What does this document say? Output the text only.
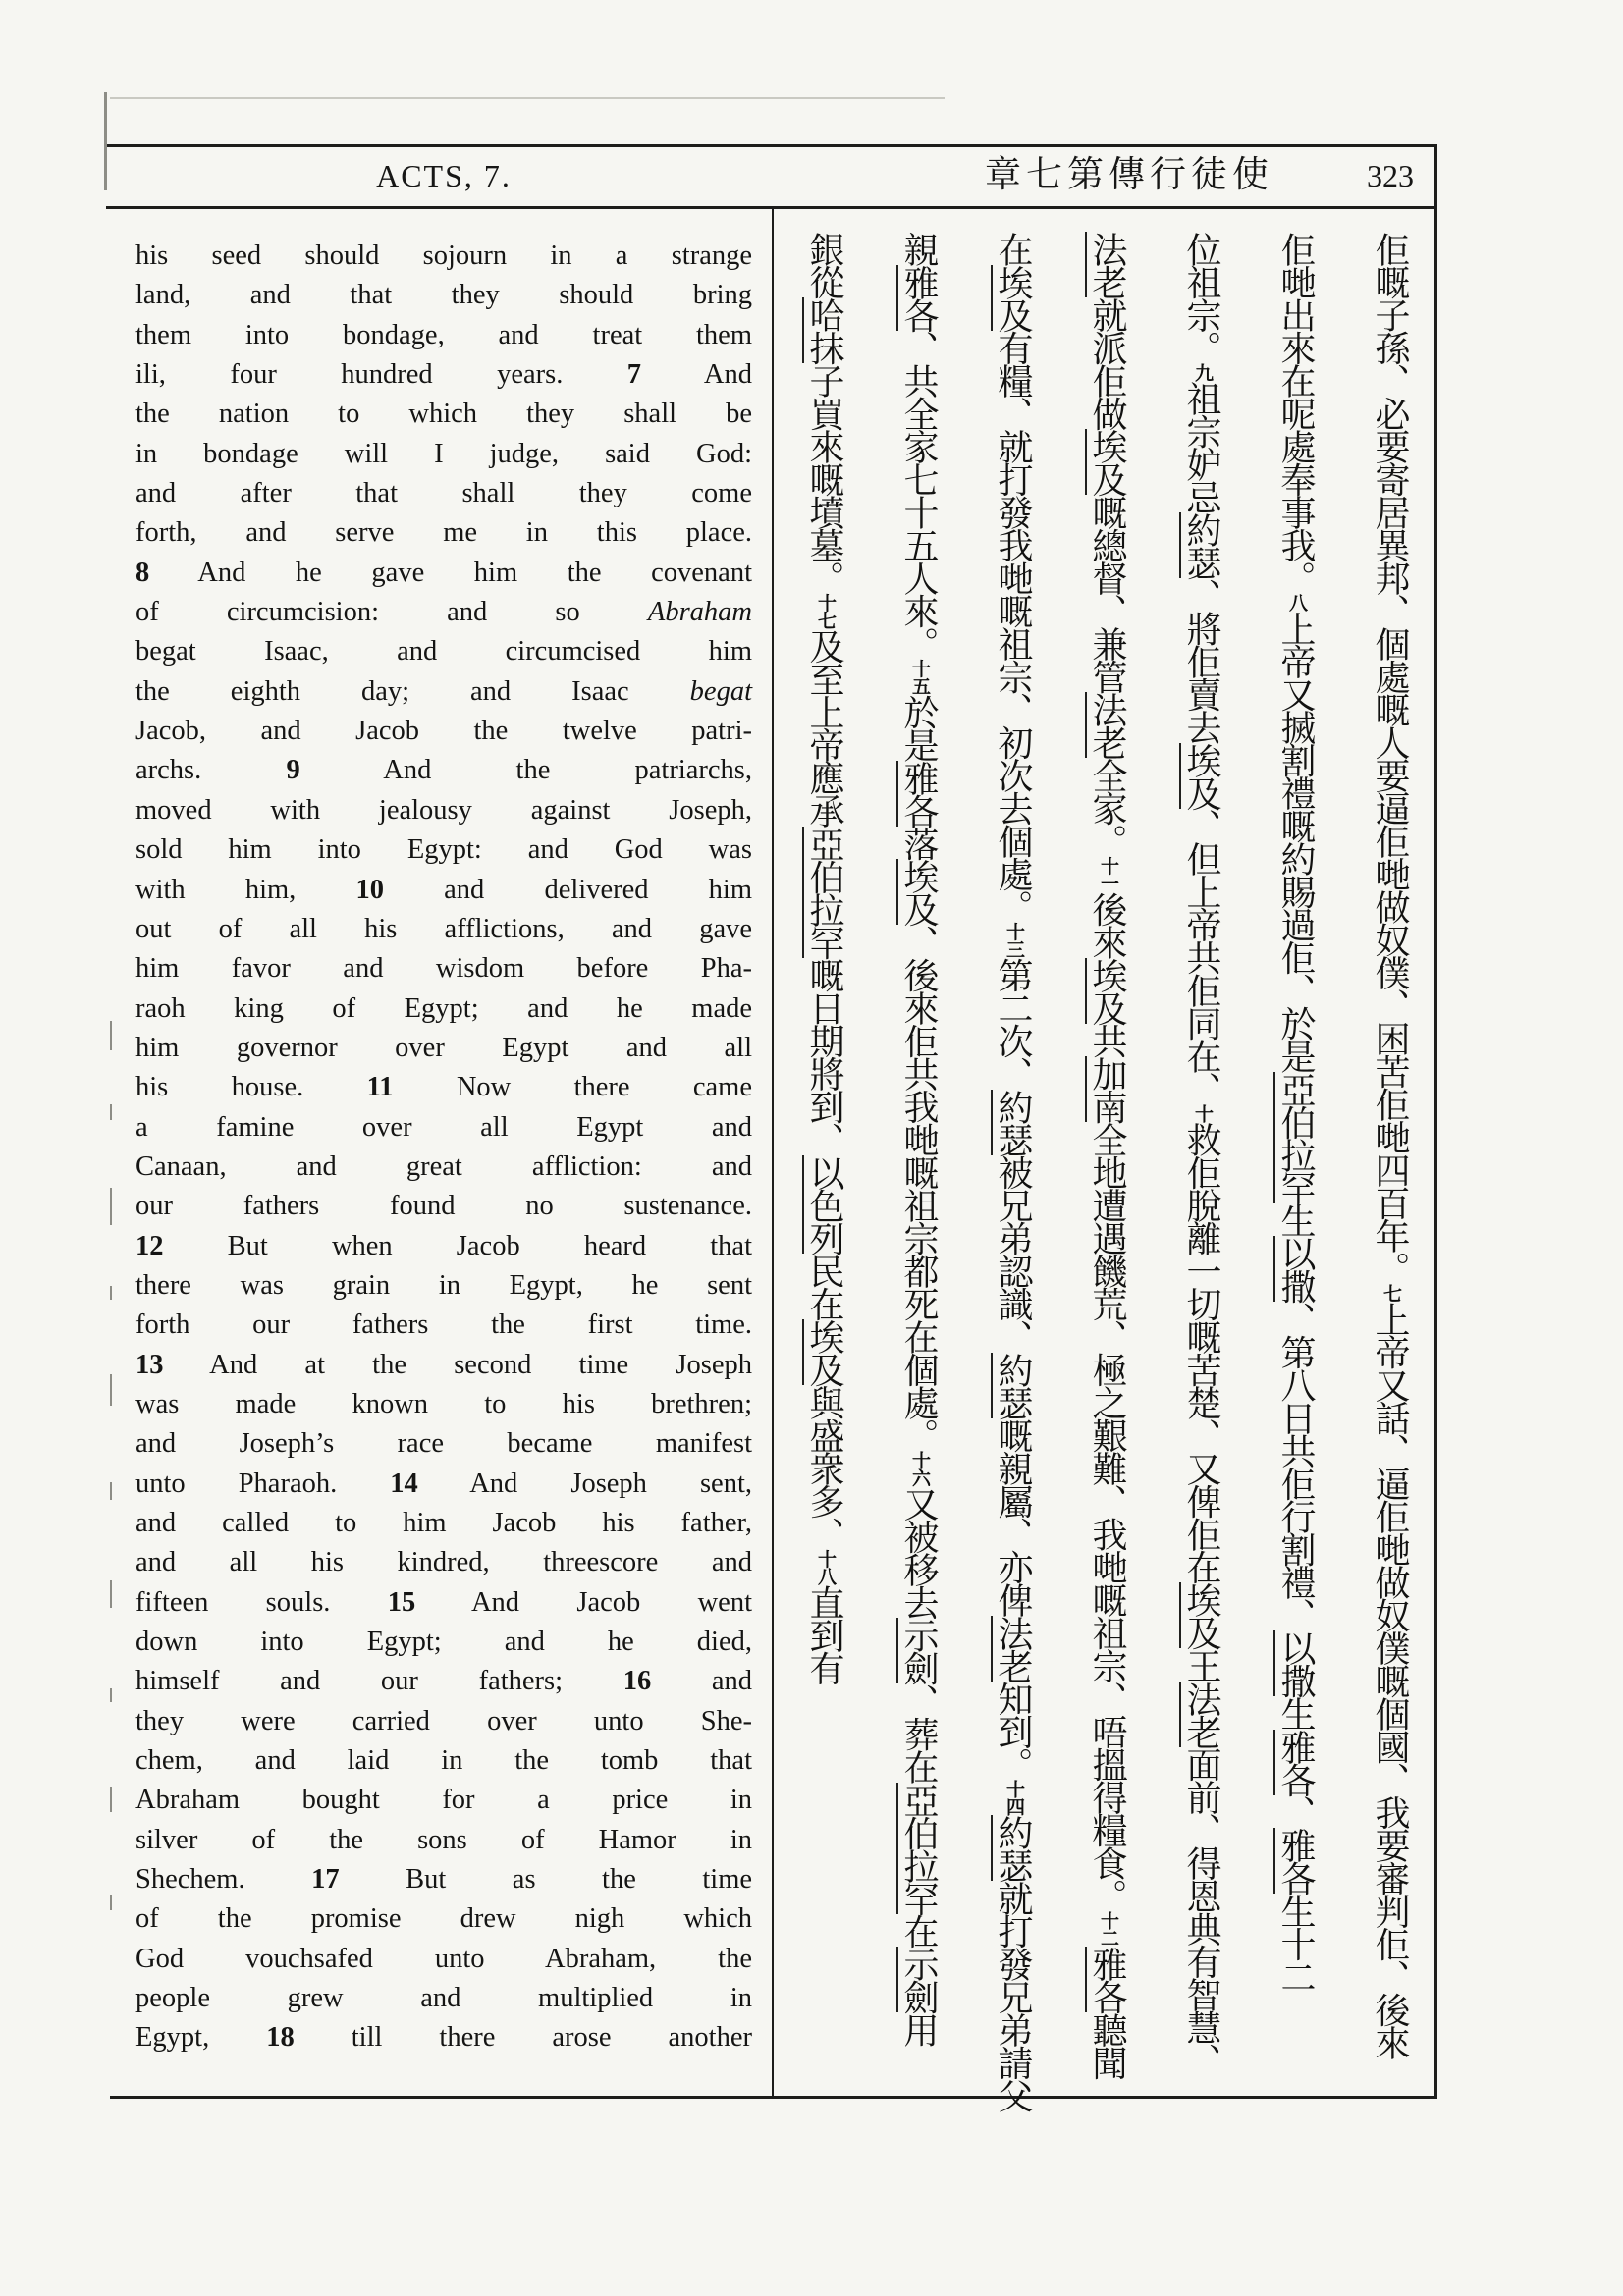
ACTS, 7.	章七第傳行徒使	323
his seed should sojourn in a strange
land, and that they should bring
them into bondage, and treat them
ili, four hundred years. 7 And
the nation to which they shall be
in bondage will I judge, said God:
and after that shall they come
forth, and serve me in this place.
8 And he gave him the covenant
of circumcision: and so Abraham
begat Isaac, and circumcised him
the eighth day; and Isaac begat
Jacob, and Jacob the twelve patri-
archs. 9 And the patriarchs,
moved with jealousy against Joseph,
sold him into Egypt: and God was
with him, 10 and delivered him
out of all his afflictions, and gave
him favor and wisdom before Pha-
raoh king of Egypt; and he made
him governor over Egypt and all
his house. 11 Now there came
a famine over all Egypt and
Canaan, and great affliction: and
our fathers found no sustenance.
12 But when Jacob heard that
there was grain in Egypt, he sent
forth our fathers the first time.
13 And at the second time Joseph
was made known to his brethren;
and Joseph’s race became manifest
unto Pharaoh. 14 And Joseph sent,
and called to him Jacob his father,
and all his kindred, threescore and
fifteen souls. 15 And Jacob went
down into Egypt; and he died,
himself and our fathers; 16 and
they were carried over unto She-
chem, and laid in the tomb that
Abraham bought for a price in
silver of the sons of Hamor in
Shechem. 17 But as the time
of the promise drew nigh which
God vouchsafed unto Abraham, the
people grew and multiplied in
Egypt, 18 till there arose another
佢嘅子孫、必要寄居異邦、個處嘅人要逼佢哋做奴僕、困苦佢哋四百年。七上帝又話、逼佢哋做奴僕嘅個國、我要審判佢、後來
佢哋出來在呢處奉事我。八上帝又搣割禮嘅約賜過佢、於是亞伯拉罕生以撒、第八日共佢行割禮、以撒生雅各、雅各生十二
位祖宗。九祖宗妒忌約瑟、將佢賣去埃及、但上帝共佢同在、十救佢脫離一切嘅苦楚、又俾佢在埃及王法老面前、得恩典有智慧、
法老就派佢做埃及嘅總督、兼管法老全家。十一後來埃及共加南全地遭遇饑荒、極之艱難、我哋嘅祖宗、唔搵得糧食。十二雅各聽聞
在埃及有糧、就打發我哋嘅祖宗、初次去個處。十三第二次、約瑟被兄弟認識、約瑟嘅親屬、亦俾法老知到。十四約瑟就打發兄弟請父
親雅各、共全家七十五人來。十五於是雅各落埃及、後來佢共我哋嘅祖宗都死在個處。十六又被移去示劍、葬在亞伯拉罕在示劍用
銀從哈抹子買來嘅墳墓。十七及至上帝應承亞伯拉罕嘅日期將到、以色列民在埃及與盛衆多、十八直到有
